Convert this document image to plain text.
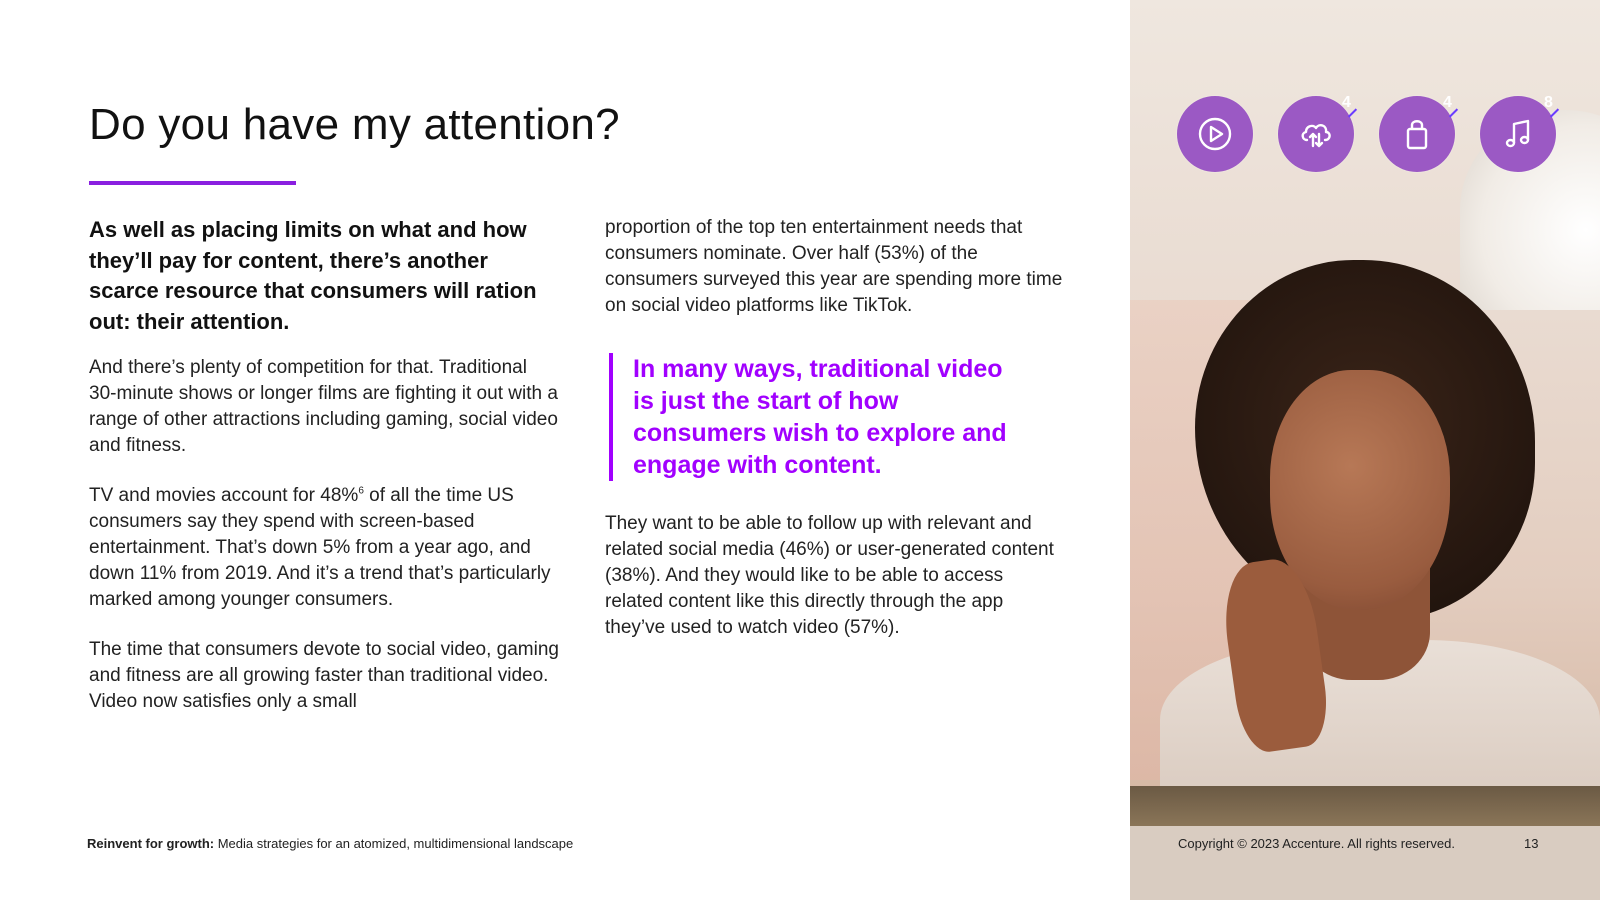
Do you have my attention?

As well as placing limits on what and how they’ll pay for content, there’s another scarce resource that consumers will ration out: their attention.

And there’s plenty of competition for that. Traditional 30-minute shows or longer films are fighting it out with a range of other attractions including gaming, social video and fitness.

TV and movies account for 48%$^6$ of all the time US consumers say they spend with screen-based entertainment. That’s down 5% from a year ago, and down 11% from 2019. And it’s a trend that’s particularly marked among younger consumers.

The time that consumers devote to social video, gaming and fitness are all growing faster than traditional video. Video now satisfies only a small

proportion of the top ten entertainment needs that consumers nominate. Over half (53%) of the consumers surveyed this year are spending more time on social video platforms like TikTok.

In many ways, traditional video is just the start of how consumers wish to explore and engage with content.

They want to be able to follow up with relevant and related social media (46%) or user-generated content (38%). And they would like to be able to access related content like this directly through the app they’ve used to watch video (57%).

Reinvent for growth: Media strategies for an atomized, multidimensional landscape
4	4	8
Copyright © 2023 Accenture. All rights reserved.	13
